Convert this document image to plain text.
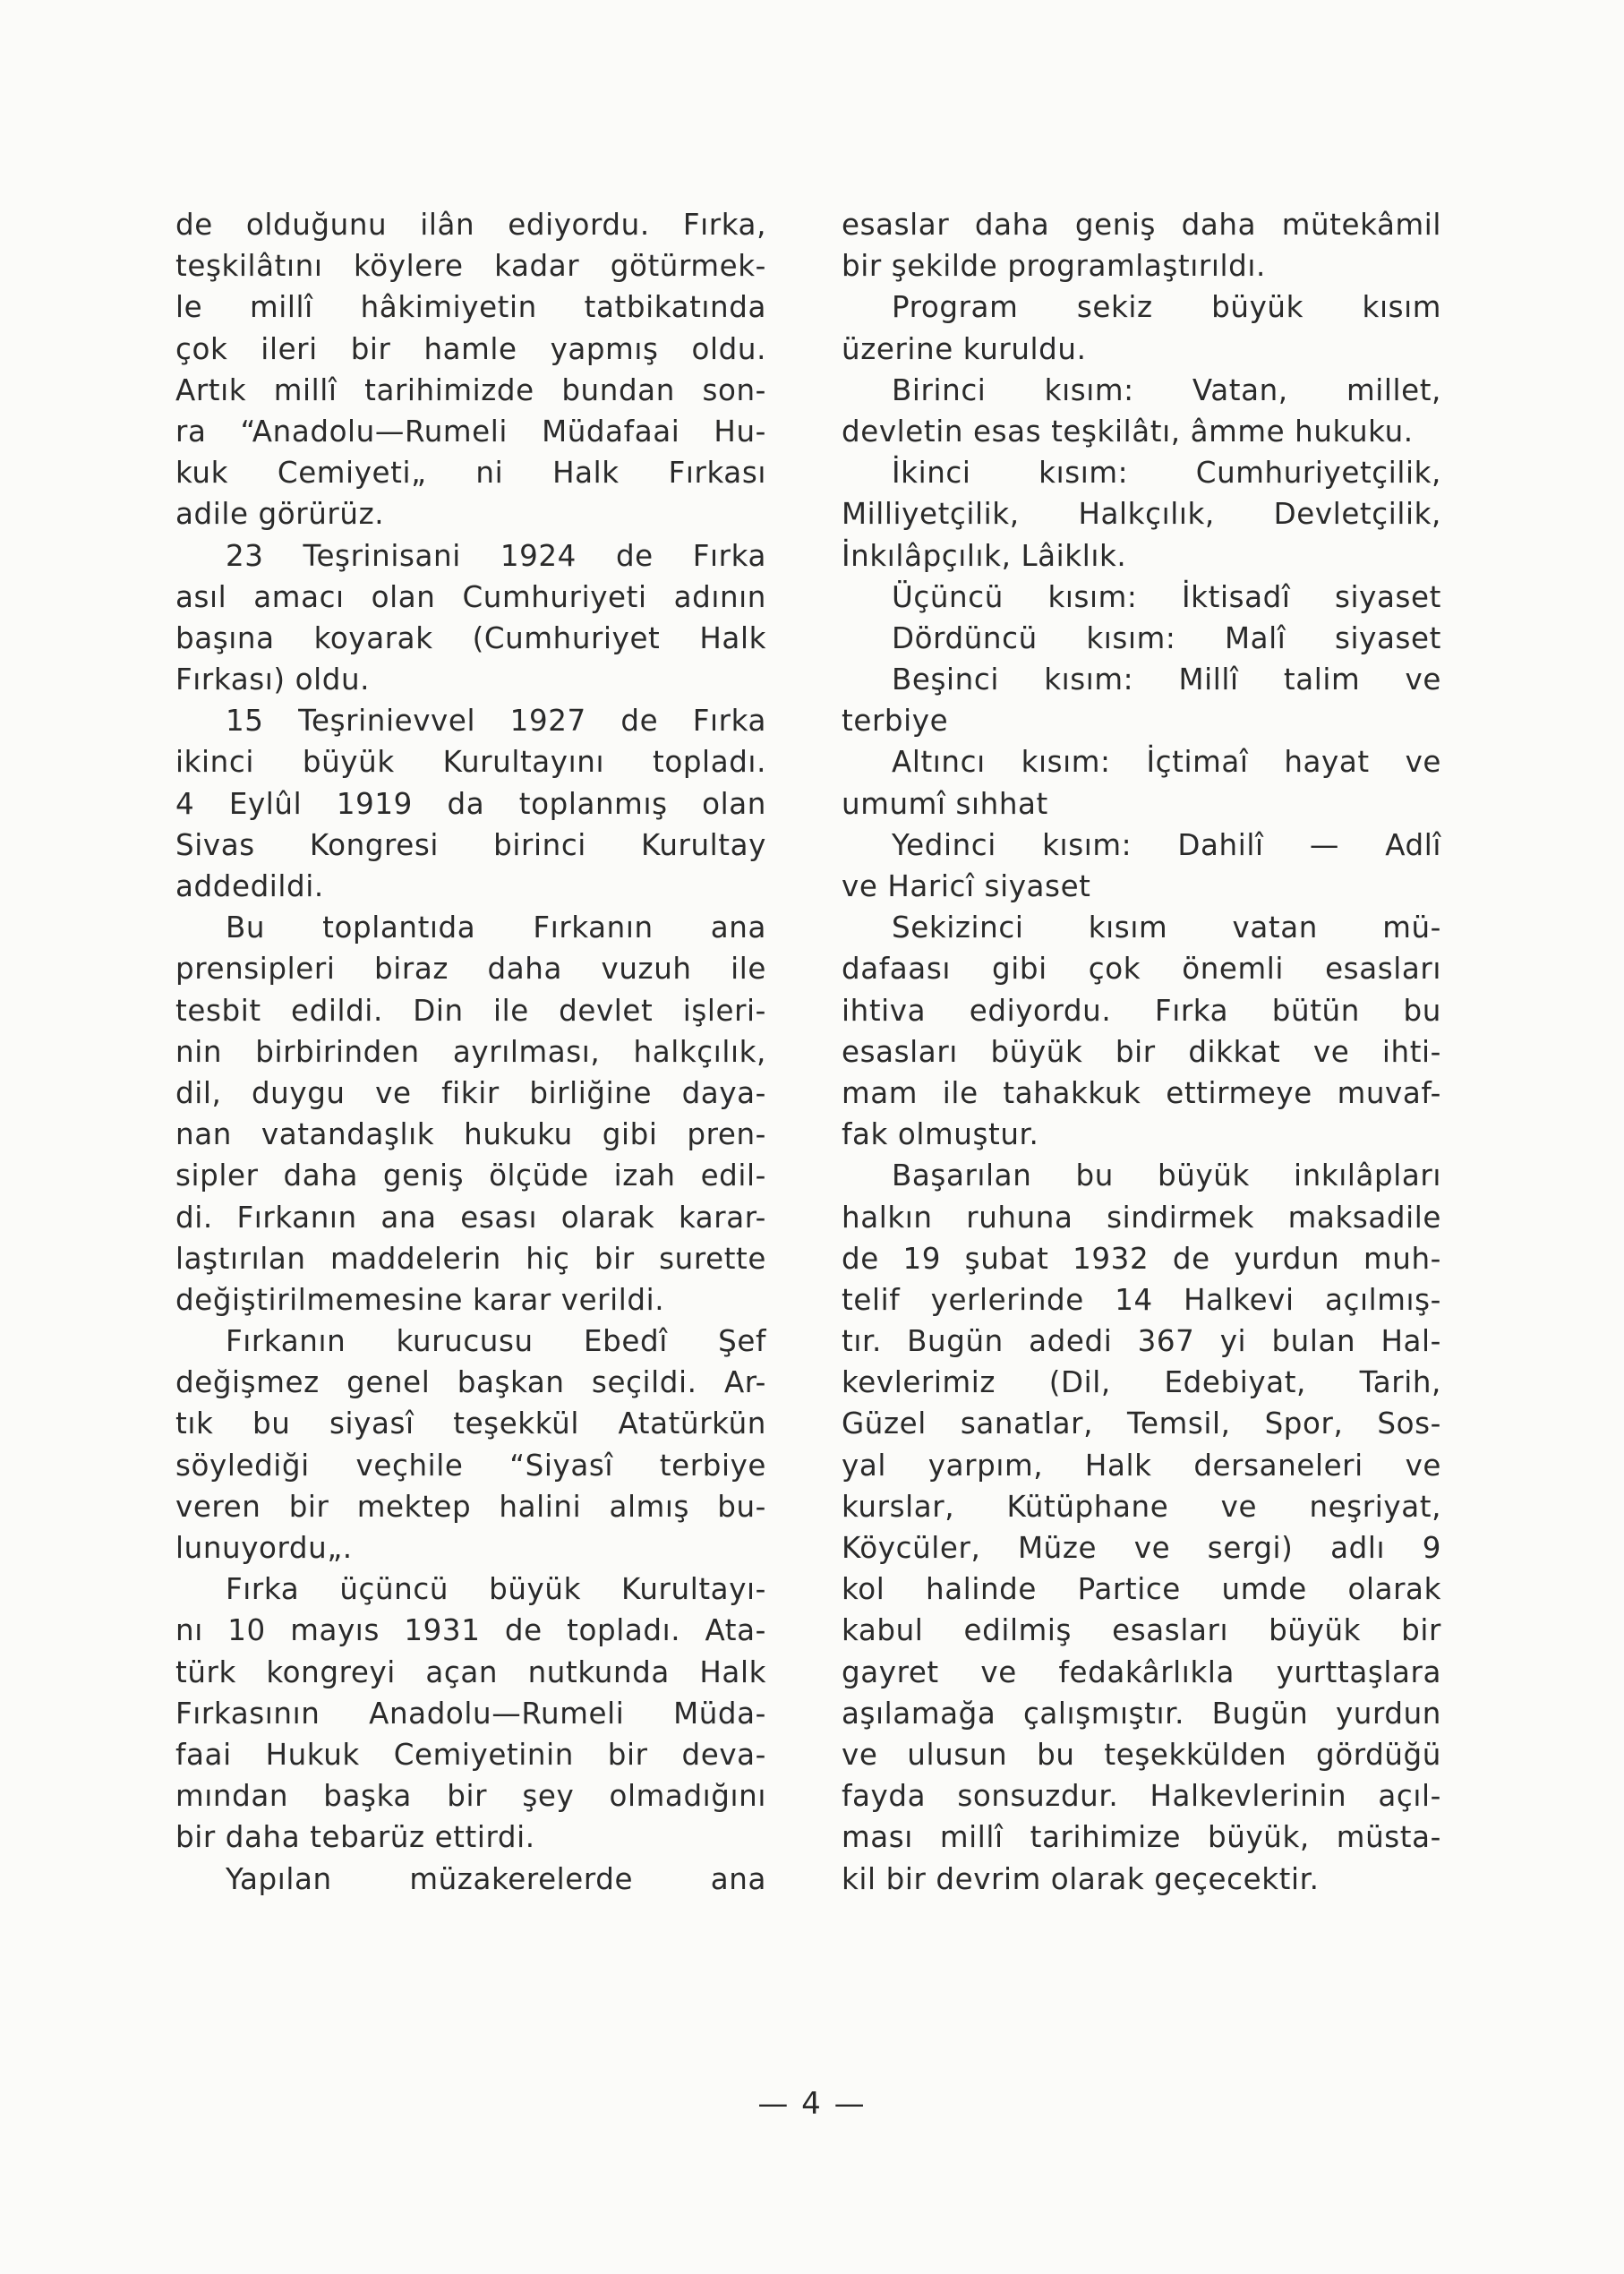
de olduğunu ilân ediyordu. Fırka,
teşkilâtını köylere kadar götürmek-
le millî hâkimiyetin tatbikatında
çok ileri bir hamle yapmış oldu.
Artık millî tarihimizde bundan son-
ra “Anadolu—Rumeli Müdafaai Hu-
kuk Cemiyeti„ ni Halk Fırkası
adile görürüz.
23 Teşrinisani 1924 de Fırka
asıl amacı olan Cumhuriyeti adının
başına koyarak (Cumhuriyet Halk
Fırkası) oldu.
15 Teşrinievvel 1927 de Fırka
ikinci büyük Kurultayını topladı.
4 Eylûl 1919 da toplanmış olan
Sivas Kongresi birinci Kurultay
addedildi.
Bu toplantıda Fırkanın ana
prensipleri biraz daha vuzuh ile
tesbit edildi. Din ile devlet işleri-
nin birbirinden ayrılması, halkçılık,
dil, duygu ve fikir birliğine daya-
nan vatandaşlık hukuku gibi pren-
sipler daha geniş ölçüde izah edil-
di. Fırkanın ana esası olarak karar-
laştırılan maddelerin hiç bir surette
değiştirilmemesine karar verildi.
Fırkanın kurucusu Ebedî Şef
değişmez genel başkan seçildi. Ar-
tık bu siyasî teşekkül Atatürkün
söylediği veçhile “Siyasî terbiye
veren bir mektep halini almış bu-
lunuyordu„.
Fırka üçüncü büyük Kurultayı-
nı 10 mayıs 1931 de topladı. Ata-
türk kongreyi açan nutkunda Halk
Fırkasının Anadolu—Rumeli Müda-
faai Hukuk Cemiyetinin bir deva-
mından başka bir şey olmadığını
bir daha tebarüz ettirdi.
Yapılan müzakerelerde ana
esaslar daha geniş daha mütekâmil
bir şekilde programlaştırıldı.
Program sekiz büyük kısım
üzerine kuruldu.
Birinci kısım: Vatan, millet,
devletin esas teşkilâtı, âmme hukuku.
İkinci kısım: Cumhuriyetçilik,
Milliyetçilik, Halkçılık, Devletçilik,
İnkılâpçılık, Lâiklık.
Üçüncü kısım: İktisadî siyaset
Dördüncü kısım: Malî siyaset
Beşinci kısım: Millî talim ve
terbiye
Altıncı kısım: İçtimaî hayat ve
umumî sıhhat
Yedinci kısım: Dahilî — Adlî
ve Haricî siyaset
Sekizinci kısım vatan mü-
dafaası gibi çok önemli esasları
ihtiva ediyordu. Fırka bütün bu
esasları büyük bir dikkat ve ihti-
mam ile tahakkuk ettirmeye muvaf-
fak olmuştur.
Başarılan bu büyük inkılâpları
halkın ruhuna sindirmek maksadile
de 19 şubat 1932 de yurdun muh-
telif yerlerinde 14 Halkevi açılmış-
tır. Bugün adedi 367 yi bulan Hal-
kevlerimiz (Dil, Edebiyat, Tarih,
Güzel sanatlar, Temsil, Spor, Sos-
yal yarpım, Halk dersaneleri ve
kurslar, Kütüphane ve neşriyat,
Köycüler, Müze ve sergi) adlı 9
kol halinde Partice umde olarak
kabul edilmiş esasları büyük bir
gayret ve fedakârlıkla yurttaşlara
aşılamağa çalışmıştır. Bugün yurdun
ve ulusun bu teşekkülden gördüğü
fayda sonsuzdur. Halkevlerinin açıl-
ması millî tarihimize büyük, müsta-
kil bir devrim olarak geçecektir.
— 4 —
